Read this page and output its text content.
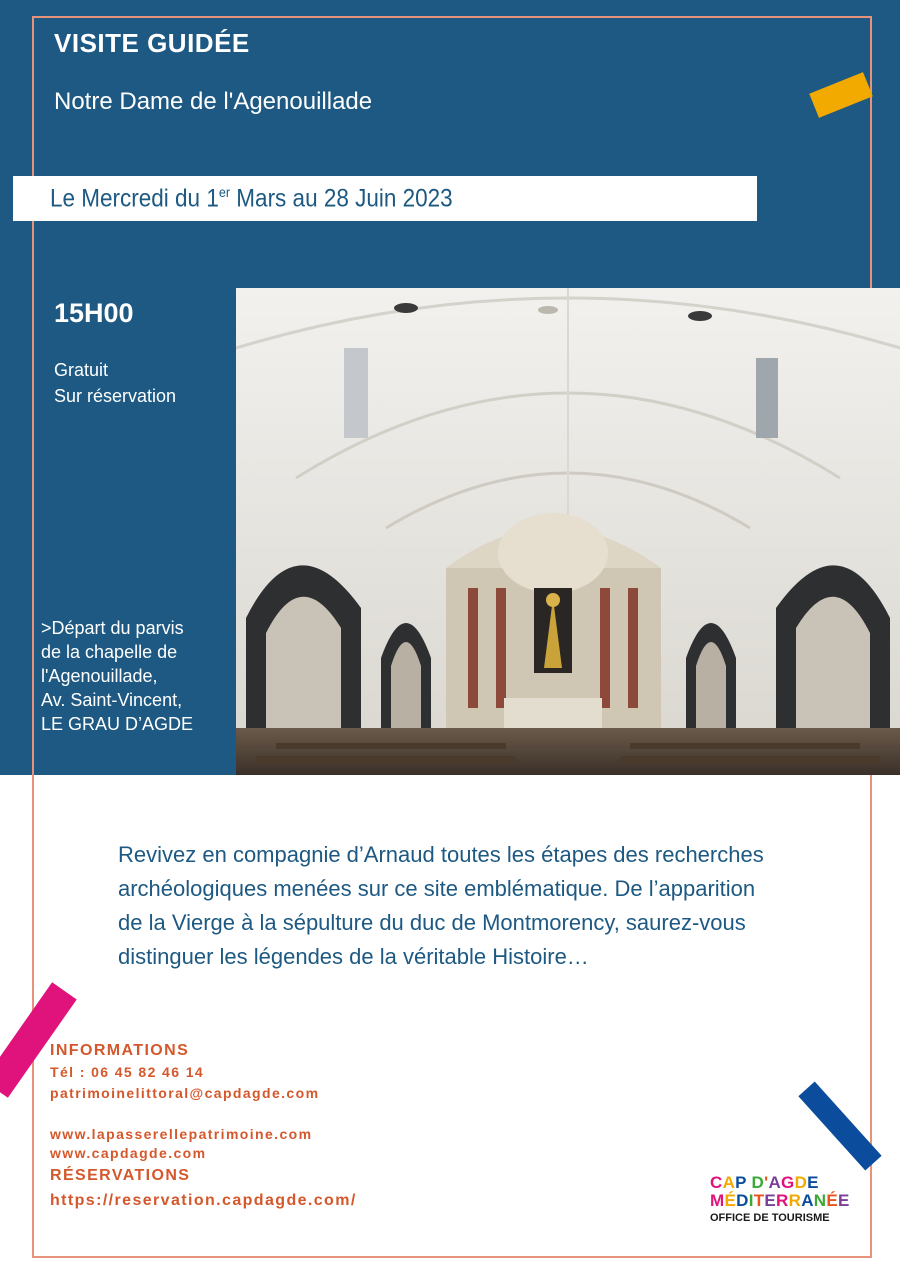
VISITE GUIDÉE
Notre Dame de l'Agenouillade
Le Mercredi du 1er Mars au 28 Juin 2023
15H00
Gratuit
Sur réservation
>Départ du parvis
de la chapelle de
l'Agenouillade,
Av. Saint-Vincent,
LE GRAU D’AGDE
Revivez en compagnie d’Arnaud toutes les étapes des recherches
archéologiques menées sur ce site emblématique. De l’apparition
de la Vierge à la sépulture du duc de Montmorency, saurez-vous
distinguer les légendes de la véritable Histoire…
INFORMATIONS
Tél : 06 45 82 46 14
patrimoinelittoral@capdagde.com
www.lapasserellepatrimoine.com
www.capdagde.com
RÉSERVATIONS
https://reservation.capdagde.com/
CAP D'AGDE
MÉDITERRANÉE
OFFICE DE TOURISME
